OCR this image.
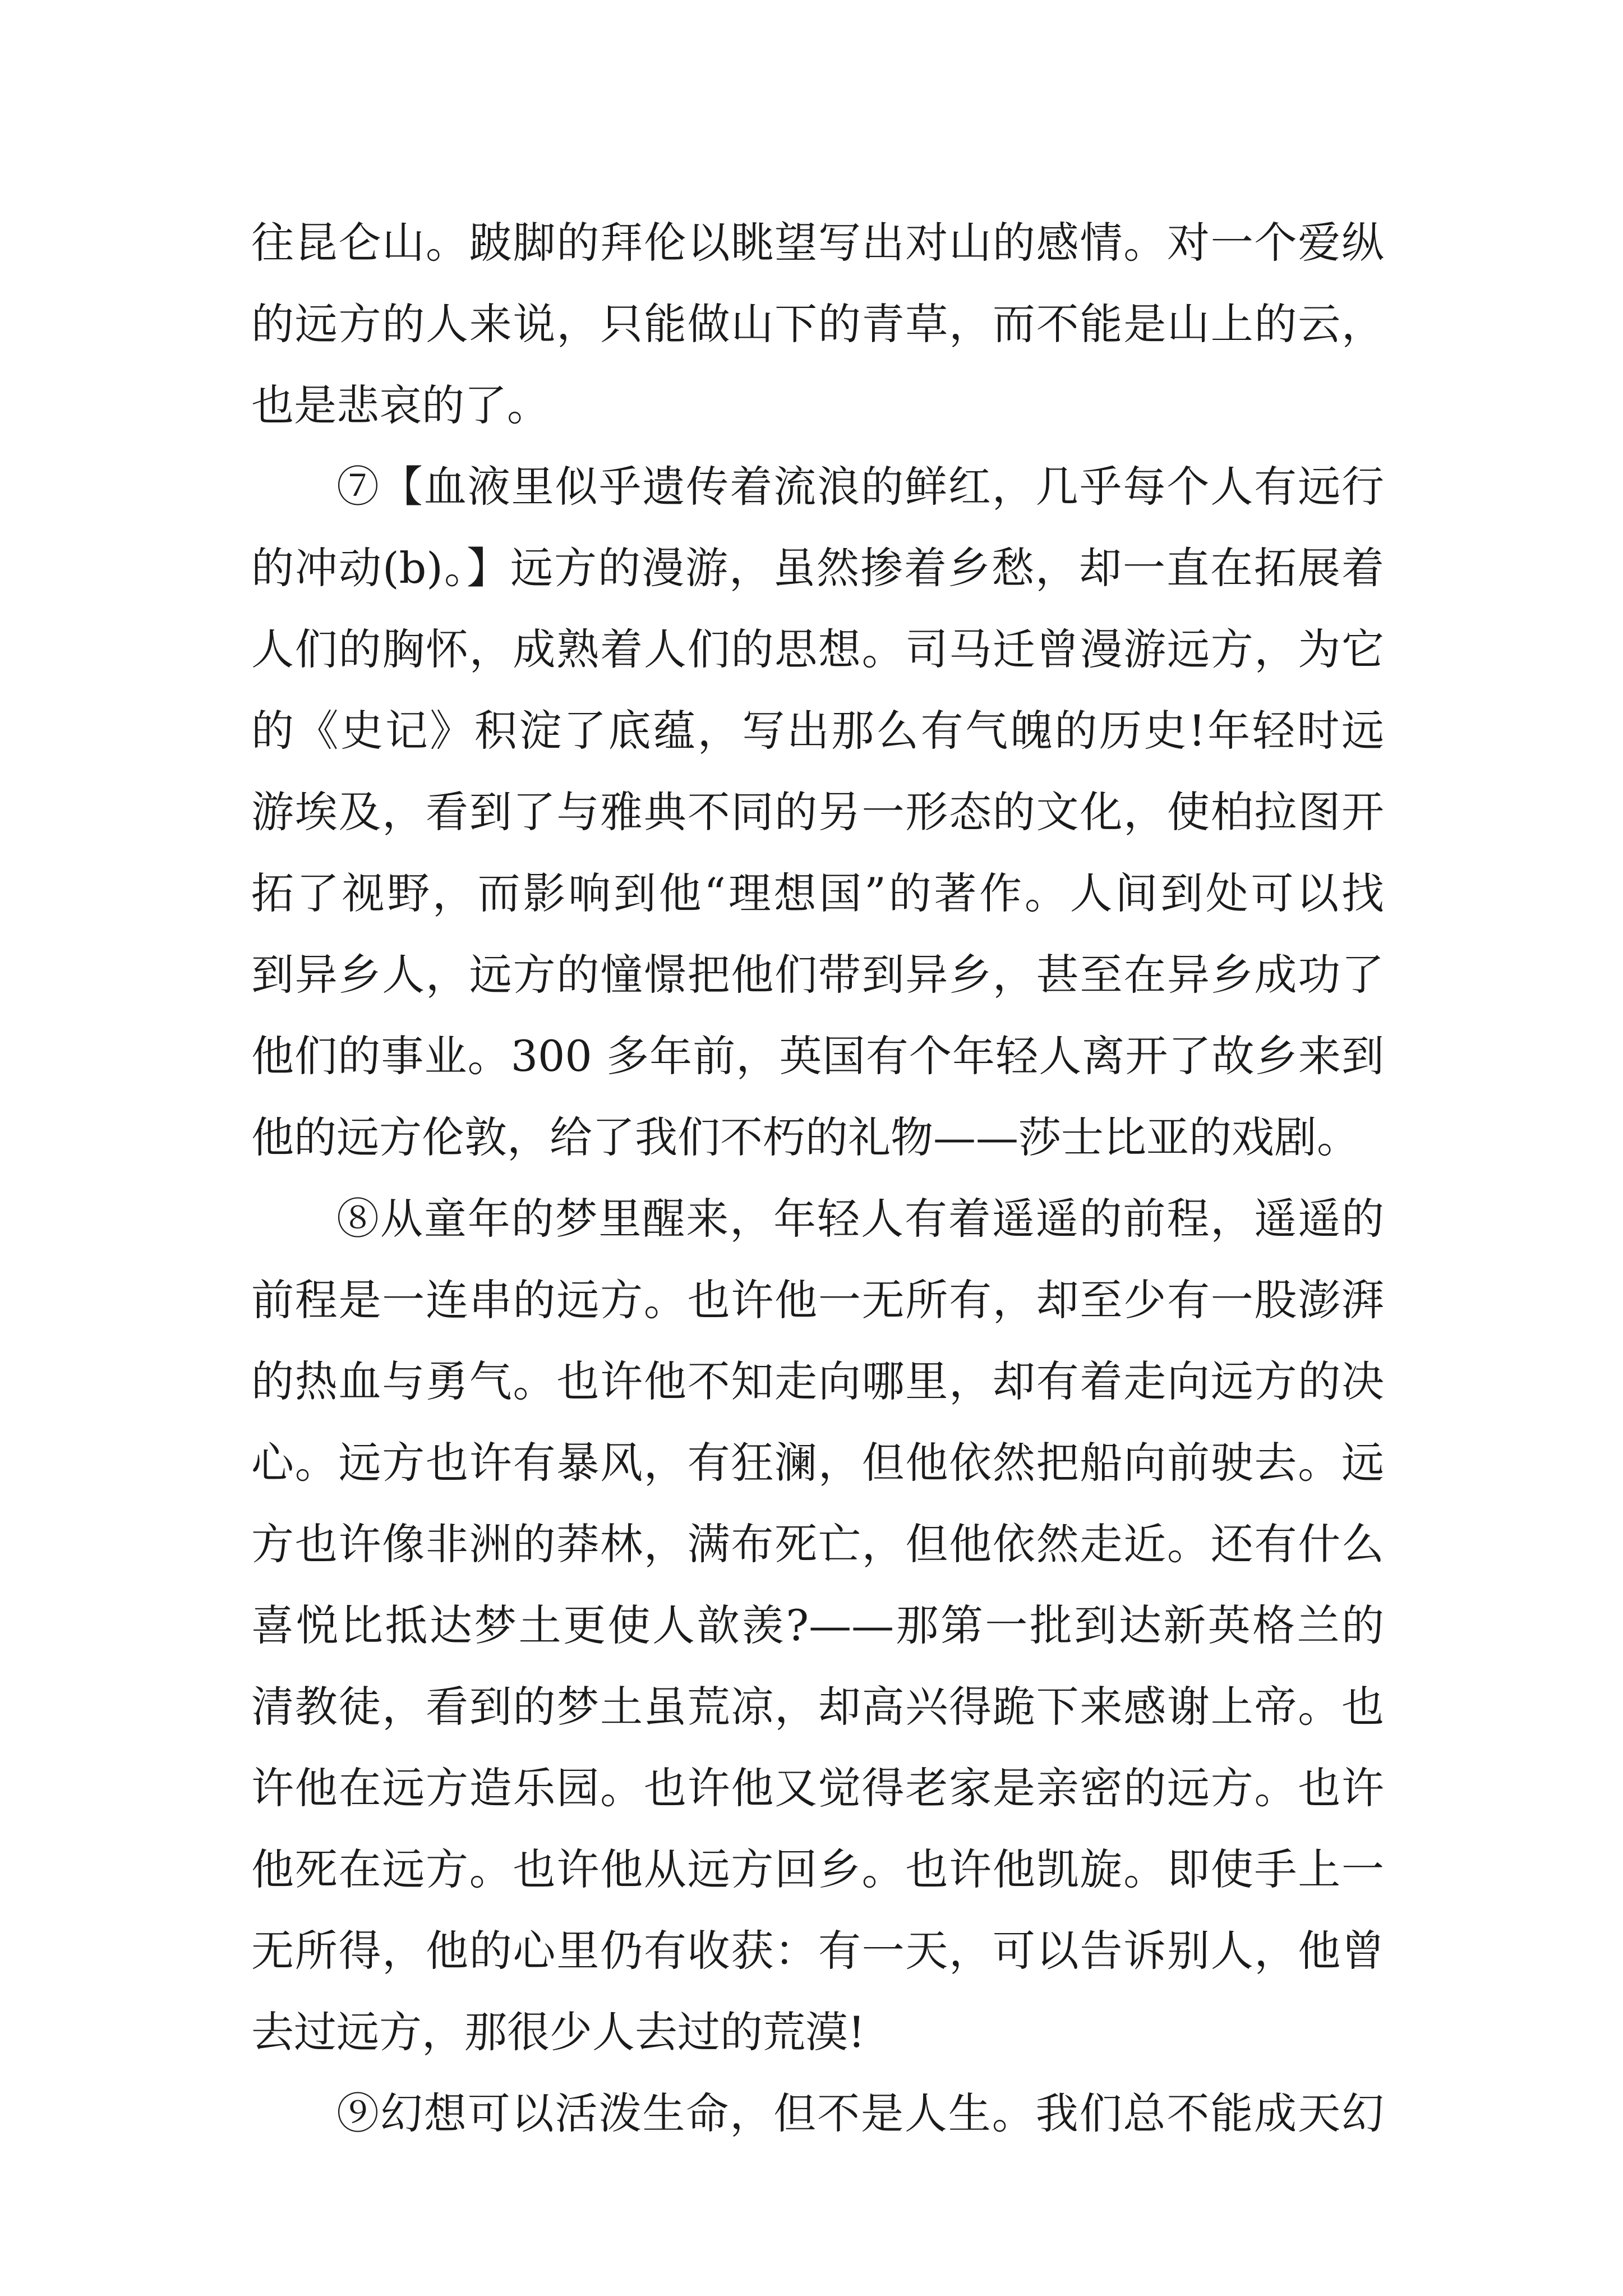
往昆仑山。跛脚的拜伦以眺望写出对山的感情。对一个爱纵
的远方的人来说，只能做山下的青草，而不能是山上的云，
也是悲哀的了。
⑦【血液里似乎遗传着流浪的鲜红，几乎每个人有远行
的冲动(b)。】远方的漫游，虽然掺着乡愁，却一直在拓展着
人们的胸怀，成熟着人们的思想。司马迁曾漫游远方，为它
的《史记》积淀了底蕴，写出那么有气魄的历史!年轻时远
游埃及，看到了与雅典不同的另一形态的文化，使柏拉图开
拓了视野，而影响到他“理想国”的著作。人间到处可以找
到异乡人，远方的憧憬把他们带到异乡，甚至在异乡成功了
他们的事业。300 多年前，英国有个年轻人离开了故乡来到
他的远方伦敦，给了我们不朽的礼物——莎士比亚的戏剧。
⑧从童年的梦里醒来，年轻人有着遥遥的前程，遥遥的
前程是一连串的远方。也许他一无所有，却至少有一股澎湃
的热血与勇气。也许他不知走向哪里，却有着走向远方的决
心。远方也许有暴风，有狂澜，但他依然把船向前驶去。远
方也许像非洲的莽林，满布死亡，但他依然走近。还有什么
喜悦比抵达梦土更使人歆羡?——那第一批到达新英格兰的
清教徒，看到的梦土虽荒凉，却高兴得跪下来感谢上帝。也
许他在远方造乐园。也许他又觉得老家是亲密的远方。也许
他死在远方。也许他从远方回乡。也许他凯旋。即使手上一
无所得，他的心里仍有收获：有一天，可以告诉别人，他曾
去过远方，那很少人去过的荒漠!
⑨幻想可以活泼生命，但不是人生。我们总不能成天幻
